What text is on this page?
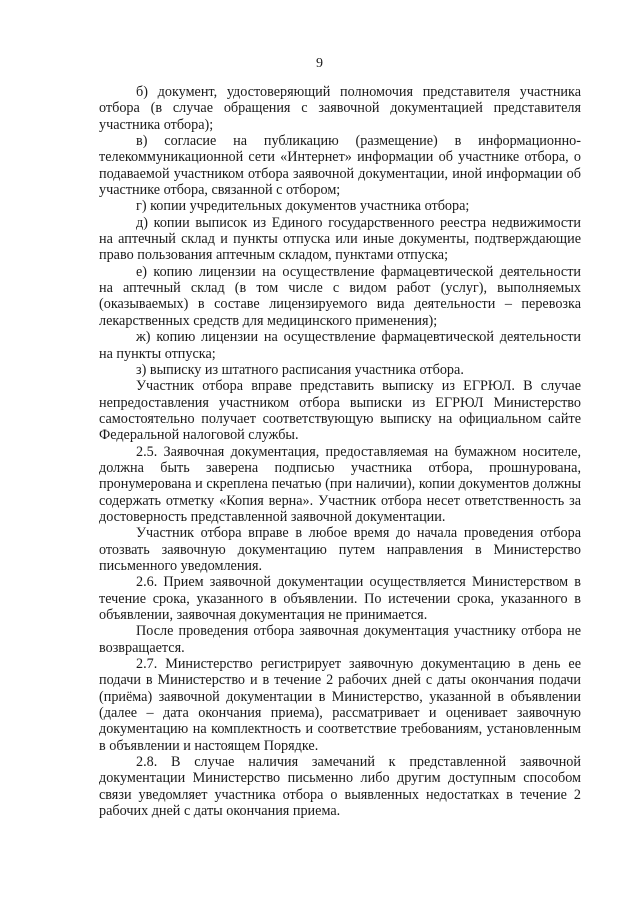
9

б) документ, удостоверяющий полномочия представителя участника отбора (в случае обращения с заявочной документацией представителя участника отбора);

в) согласие на публикацию (размещение) в информационно-телекоммуникационной сети «Интернет» информации об участнике отбора, о подаваемой участником отбора заявочной документации, иной информации об участнике отбора, связанной с отбором;

г) копии учредительных документов участника отбора;

д) копии выписок из Единого государственного реестра недвижимости на аптечный склад и пункты отпуска или иные документы, подтверждающие право пользования аптечным складом, пунктами отпуска;

е) копию лицензии на осуществление фармацевтической деятельности на аптечный склад (в том числе с видом работ (услуг), выполняемых (оказываемых) в составе лицензируемого вида деятельности – перевозка лекарственных средств для медицинского применения);

ж) копию лицензии на осуществление фармацевтической деятельности на пункты отпуска;

з) выписку из штатного расписания участника отбора.

Участник отбора вправе представить выписку из ЕГРЮЛ. В случае непредоставления участником отбора выписки из ЕГРЮЛ Министерство самостоятельно получает соответствующую выписку на официальном сайте Федеральной налоговой службы.

2.5. Заявочная документация, предоставляемая на бумажном носителе, должна быть заверена подписью участника отбора, прошнурована, пронумерована и скреплена печатью (при наличии), копии документов должны содержать отметку «Копия верна». Участник отбора несет ответственность за достоверность представленной заявочной документации.

Участник отбора вправе в любое время до начала проведения отбора отозвать заявочную документацию путем направления в Министерство письменного уведомления.

2.6. Прием заявочной документации осуществляется Министерством в течение срока, указанного в объявлении. По истечении срока, указанного в объявлении, заявочная документация не принимается.

После проведения отбора заявочная документация участнику отбора не возвращается.

2.7. Министерство регистрирует заявочную документацию в день ее подачи в Министерство и в течение 2 рабочих дней с даты окончания подачи (приёма) заявочной документации в Министерство, указанной в объявлении (далее – дата окончания приема), рассматривает и оценивает заявочную документацию на комплектность и соответствие требованиям, установленным в объявлении и настоящем Порядке.

2.8. В случае наличия замечаний к представленной заявочной документации Министерство письменно либо другим доступным способом связи уведомляет участника отбора о выявленных недостатках в течение 2 рабочих дней с даты окончания приема.
